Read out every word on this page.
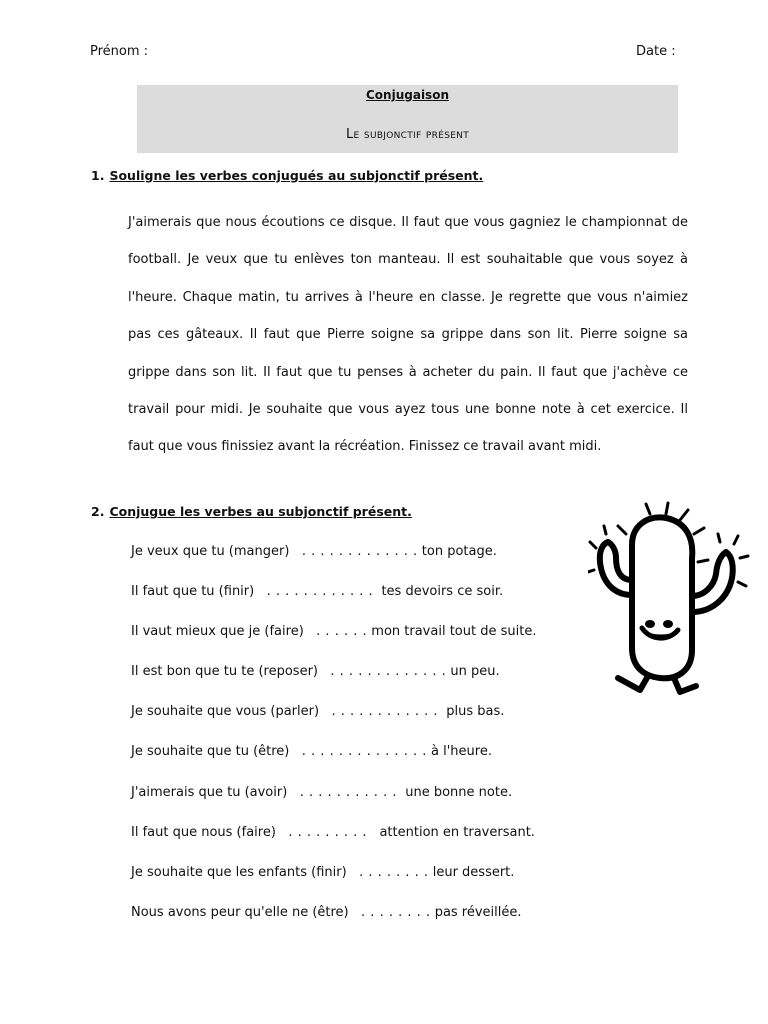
Prénom :	Date :
Conjugaison
Le subjonctif présent
1. Souligne les verbes conjugués au subjonctif présent.

J'aimerais que nous écoutions ce disque. Il faut que vous gagniez le championnat de football. Je veux que tu enlèves ton manteau. Il est souhaitable que vous soyez à l'heure. Chaque matin, tu arrives à l'heure en classe. Je regrette que vous n'aimiez pas ces gâteaux. Il faut que Pierre soigne sa grippe dans son lit. Pierre soigne sa grippe dans son lit. Il faut que tu penses à acheter du pain. Il faut que j'achève ce travail pour midi. Je souhaite que vous ayez tous une bonne note à cet exercice. Il faut que vous finissiez avant la récréation. Finissez ce travail avant midi.

2. Conjugue les verbes au subjonctif présent.
Je veux que tu (manger) . . . . . . . . . . . . . ton potage.
Il faut que tu (finir) . . . . . . . . . . . . tes devoirs ce soir.
Il vaut mieux que je (faire) . . . . . . mon travail tout de suite.
Il est bon que tu te (reposer) . . . . . . . . . . . . . un peu.
Je souhaite que vous (parler) . . . . . . . . . . . . plus bas.
Je souhaite que tu (être) . . . . . . . . . . . . . . à l'heure.
J'aimerais que tu (avoir) . . . . . . . . . . . une bonne note.
Il faut que nous (faire) . . . . . . . . . attention en traversant.
Je souhaite que les enfants (finir) . . . . . . . . leur dessert.
Nous avons peur qu'elle ne (être) . . . . . . . . pas réveillée.
